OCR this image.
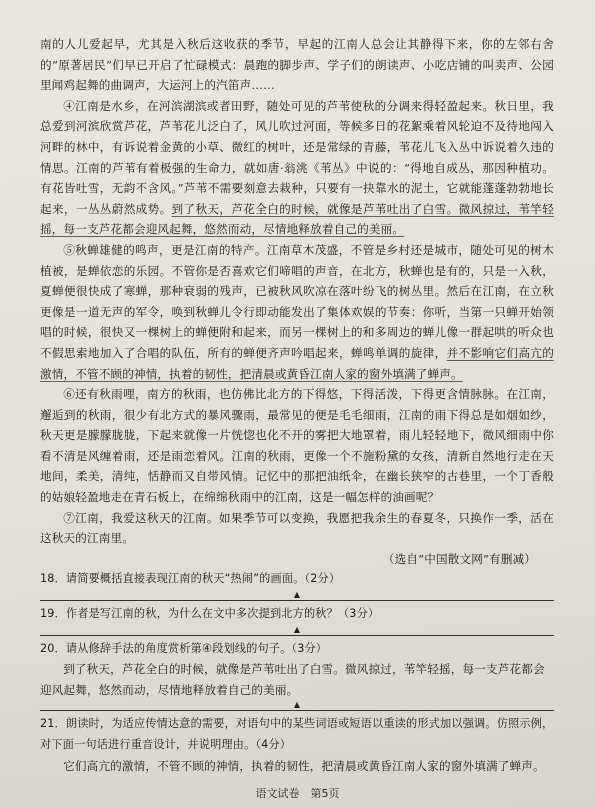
南的人儿爱起早，尤其是入秋后这收获的季节，早起的江南人总会让其静得下来，你的左邻右舍的“原著居民”们早已开启了忙碌模式：晨跑的脚步声、学子们的朗读声、小吃店铺的叫卖声、公园里闻鸡起舞的曲调声，大运河上的汽笛声……

④江南是水乡，在河滨湖滨或者田野，随处可见的芦苇使秋的分调来得轻盈起来。秋日里，我总爱到河滨欣赏芦花，芦苇花儿泛白了，风儿吹过河面，等候多日的花絮乘着风轮迫不及待地闯入河畔的林中，有诉说着金黄的小草、微红的树叶，还是常绿的青藤，苇花儿飞入丛中诉说着久违的情思。江南的芦苇有着极强的生命力，就如唐·翁洮《苇丛》中说的：“得地自成丛，那因种植功。有花皆吐雪，无韵不含风。”芦苇不需要刻意去栽种，只要有一抉靠水的泥土，它就能蓬蓬勃勃地长起来，一丛丛蔚然成势。到了秋天，芦花全白的时候，就像是芦苇吐出了白雪。微风掠过，苇竿轻摇，每一支芦花都会迎风起舞，悠然而动，尽情地释放着自己的美丽。

⑤秋蝉雄健的鸣声，更是江南的特产。江南草木茂盛，不管是乡村还是城市，随处可见的树木植被，是蝉依恋的乐园。不管你是否喜欢它们啼唱的声音，在北方，秋蝉也是有的，只是一入秋，夏蝉便很快成了寒蝉，那种衰弱的残声，已被秋风吹凉在落叶纷飞的树丛里。然后在江南，在立秋更像是一道无声的军令，唤到秋蝉儿令行即动能发出了集体欢娱的节奏：你听，当第一只蝉开始领唱的时候，很快又一棵树上的蝉便附和起来，而另一棵树上的和多周边的蝉儿像一群起哄的听众也不假思索地加入了合唱的队伍，所有的蝉便齐声吟唱起来，蝉鸣单调的旋律，并不影响它们高亢的激情，不管不顾的神情，执着的韧性，把清晨或黄昏江南人家的窗外填满了蝉声。

⑥还有秋雨哩，南方的秋雨，也仿佛比北方的下得悠，下得活泼，下得更含情脉脉。在江南，邂逅到的秋雨，很少有北方式的暴风骤雨，最常见的便是毛毛细雨，江南的雨下得总是如烟如纱，秋天更是朦朦胧胧，下起来就像一片恍惚也化不开的雾把大地罩着，雨儿轻轻地下，微风细雨中你看不清是风缠着雨，还是雨恋着风。江南的秋雨，更像一个不施粉黛的女孩，清新自然地行走在天地间，柔美，清纯，恬静而又自带风情。记忆中的那把油纸伞，在幽长狭窄的古巷里，一个丁香般的姑娘轻盈地走在青石板上，在绵绵秋雨中的江南，这是一幅怎样的油画呢？

⑦江南，我爱这秋天的江南。如果季节可以变换，我愿把我余生的春夏冬，只换作一季，活在这秋天的江南里。

（选自“中国散文网”有删减）

18．请简要概括直接表现江南的秋天“热闹”的画面。（2分）

▲

19．作者是写江南的秋，为什么在文中多次提到北方的秋？（3分）

▲

20．请从修辞手法的角度赏析第④段划线的句子。（3分）

到了秋天，芦花全白的时候，就像是芦苇吐出了白雪。微风掠过，苇竿轻摇，每一支芦花都会迎风起舞，悠然而动，尽情地释放着自己的美丽。

▲

21．朗读时，为适应传情达意的需要，对语句中的某些词语或短语以重读的形式加以强调。仿照示例，对下面一句话进行重音设计，并说明理由。（4分）

它们高亢的激情，不管不顾的神情，执着的韧性，把清晨或黄昏江南人家的窗外填满了蝉声。

语文试卷　第5页
